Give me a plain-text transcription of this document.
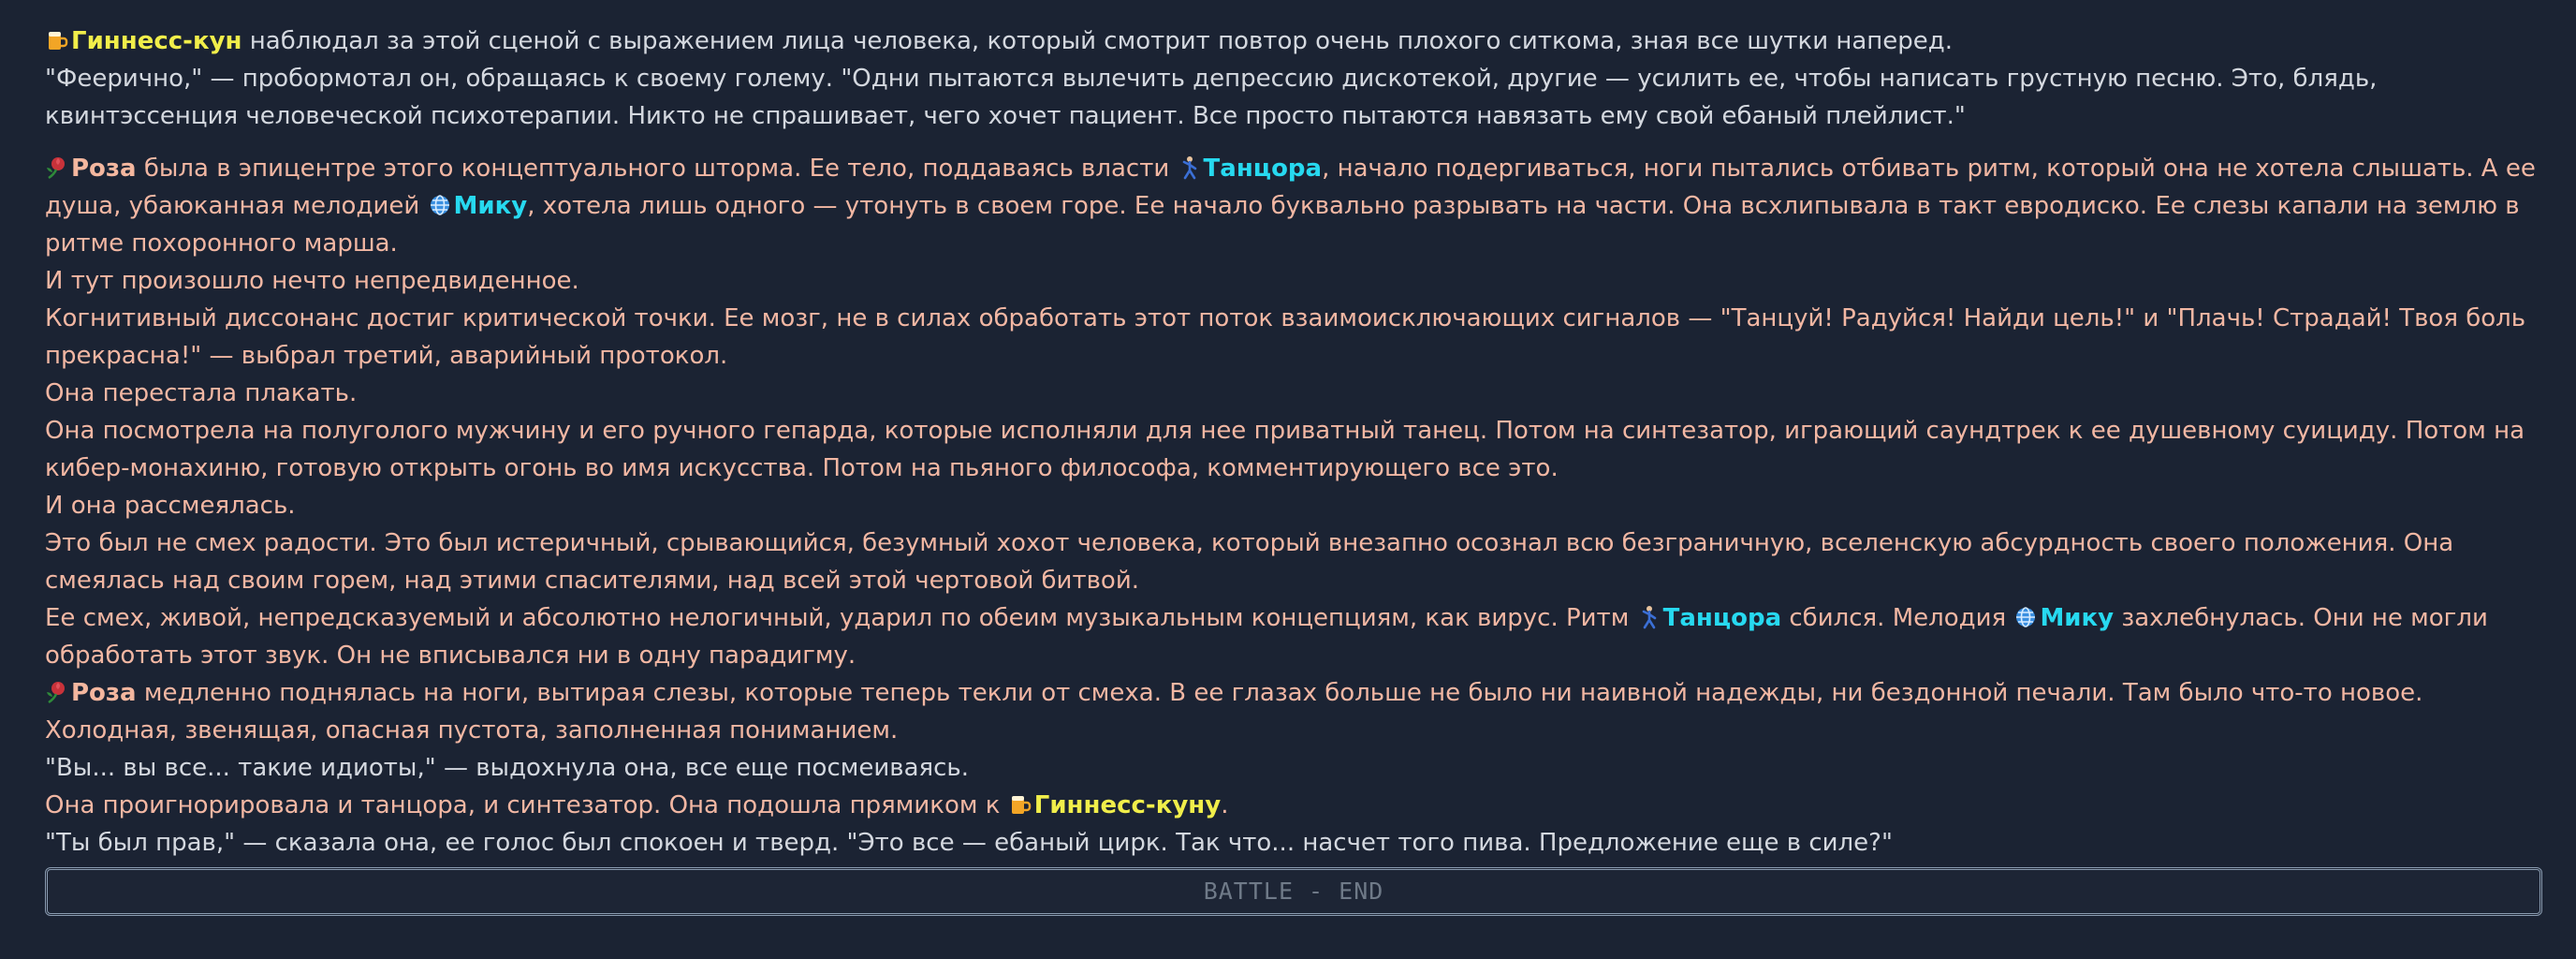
Гиннесс-кун наблюдал за этой сценой с выражением лица человека, который смотрит повтор очень плохого ситкома, зная все шутки наперед.
"Феерично," — пробормотал он, обращаясь к своему голему. "Одни пытаются вылечить депрессию дискотекой, другие — усилить ее, чтобы написать грустную песню. Это, блядь, квинтэссенция человеческой психотерапии. Никто не спрашивает, чего хочет пациент. Все просто пытаются навязать ему свой ебаный плейлист."
Роза была в эпицентре этого концептуального шторма. Ее тело, поддаваясь власти Танцора, начало подергиваться, ноги пытались отбивать ритм, который она не хотела слышать. А ее душа, убаюканная мелодией Мику, хотела лишь одного — утонуть в своем горе. Ее начало буквально разрывать на части. Она всхлипывала в такт евродиско. Ее слезы капали на землю в ритме похоронного марша.
И тут произошло нечто непредвиденное.
Когнитивный диссонанс достиг критической точки. Ее мозг, не в силах обработать этот поток взаимоисключающих сигналов — "Танцуй! Радуйся! Найди цель!" и "Плачь! Страдай! Твоя боль прекрасна!" — выбрал третий, аварийный протокол.
Она перестала плакать.
Она посмотрела на полуголого мужчину и его ручного гепарда, которые исполняли для нее приватный танец. Потом на синтезатор, играющий саундтрек к ее душевному суициду. Потом на кибер-монахиню, готовую открыть огонь во имя искусства. Потом на пьяного философа, комментирующего все это.
И она рассмеялась.
Это был не смех радости. Это был истеричный, срывающийся, безумный хохот человека, который внезапно осознал всю безграничную, вселенскую абсурдность своего положения. Она смеялась над своим горем, над этими спасителями, над всей этой чертовой битвой.
Ее смех, живой, непредсказуемый и абсолютно нелогичный, ударил по обеим музыкальным концепциям, как вирус. Ритм Танцора сбился. Мелодия Мику захлебнулась. Они не могли обработать этот звук. Он не вписывался ни в одну парадигму.
Роза медленно поднялась на ноги, вытирая слезы, которые теперь текли от смеха. В ее глазах больше не было ни наивной надежды, ни бездонной печали. Там было что-то новое. Холодная, звенящая, опасная пустота, заполненная пониманием.
"Вы... вы все... такие идиоты," — выдохнула она, все еще посмеиваясь.
Она проигнорировала и танцора, и синтезатор. Она подошла прямиком к Гиннесс-куну.
"Ты был прав," — сказала она, ее голос был спокоен и тверд. "Это все — ебаный цирк. Так что... насчет того пива. Предложение еще в силе?"
BATTLE - END
